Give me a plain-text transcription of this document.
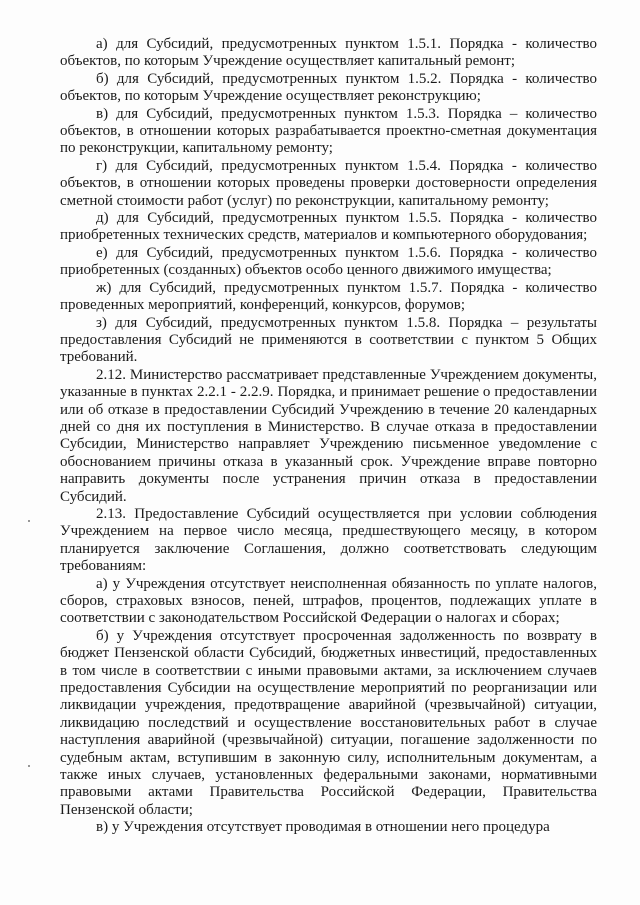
а) для Субсидий, предусмотренных пунктом 1.5.1. Порядка - количество объектов, по которым Учреждение осуществляет капитальный ремонт;

б) для Субсидий, предусмотренных пунктом 1.5.2. Порядка - количество объектов, по которым Учреждение осуществляет реконструкцию;

в) для Субсидий, предусмотренных пунктом 1.5.3. Порядка – количество объектов, в отношении которых разрабатывается проектно-сметная документация по реконструкции, капитальному ремонту;

г) для Субсидий, предусмотренных пунктом 1.5.4. Порядка - количество объектов, в отношении которых проведены проверки достоверности определения сметной стоимости работ (услуг) по реконструкции, капитальному ремонту;

д) для Субсидий, предусмотренных пунктом 1.5.5. Порядка - количество приобретенных технических средств, материалов и компьютерного оборудования;

е) для Субсидий, предусмотренных пунктом 1.5.6. Порядка - количество приобретенных (созданных) объектов особо ценного движимого имущества;

ж) для Субсидий, предусмотренных пунктом 1.5.7. Порядка - количество проведенных мероприятий, конференций, конкурсов, форумов;

з) для Субсидий, предусмотренных пунктом 1.5.8. Порядка – результаты предоставления Субсидий не применяются в соответствии с пунктом 5 Общих требований.

2.12. Министерство рассматривает представленные Учреждением документы, указанные в пунктах 2.2.1 - 2.2.9. Порядка, и принимает решение о предоставлении или об отказе в предоставлении Субсидий Учреждению в течение 20 календарных дней со дня их поступления в Министерство. В случае отказа в предоставлении Субсидии, Министерство направляет Учреждению письменное уведомление с обоснованием причины отказа в указанный срок. Учреждение вправе повторно направить документы после устранения причин отказа в предоставлении Субсидий.

2.13. Предоставление Субсидий осуществляется при условии соблюдения Учреждением на первое число месяца, предшествующего месяцу, в котором планируется заключение Соглашения, должно соответствовать следующим требованиям:

а) у Учреждения отсутствует неисполненная обязанность по уплате налогов, сборов, страховых взносов, пеней, штрафов, процентов, подлежащих уплате в соответствии с законодательством Российской Федерации о налогах и сборах;

б) у Учреждения отсутствует просроченная задолженность по возврату в бюджет Пензенской области Субсидий, бюджетных инвестиций, предоставленных в том числе в соответствии с иными правовыми актами, за исключением случаев предоставления Субсидии на осуществление мероприятий по реорганизации или ликвидации учреждения, предотвращение аварийной (чрезвычайной) ситуации, ликвидацию последствий и осуществление восстановительных работ в случае наступления аварийной (чрезвычайной) ситуации, погашение задолженности по судебным актам, вступившим в законную силу, исполнительным документам, а также иных случаев, установленных федеральными законами, нормативными правовыми актами Правительства Российской Федерации, Правительства Пензенской области;

в) у Учреждения отсутствует проводимая в отношении него процедура
